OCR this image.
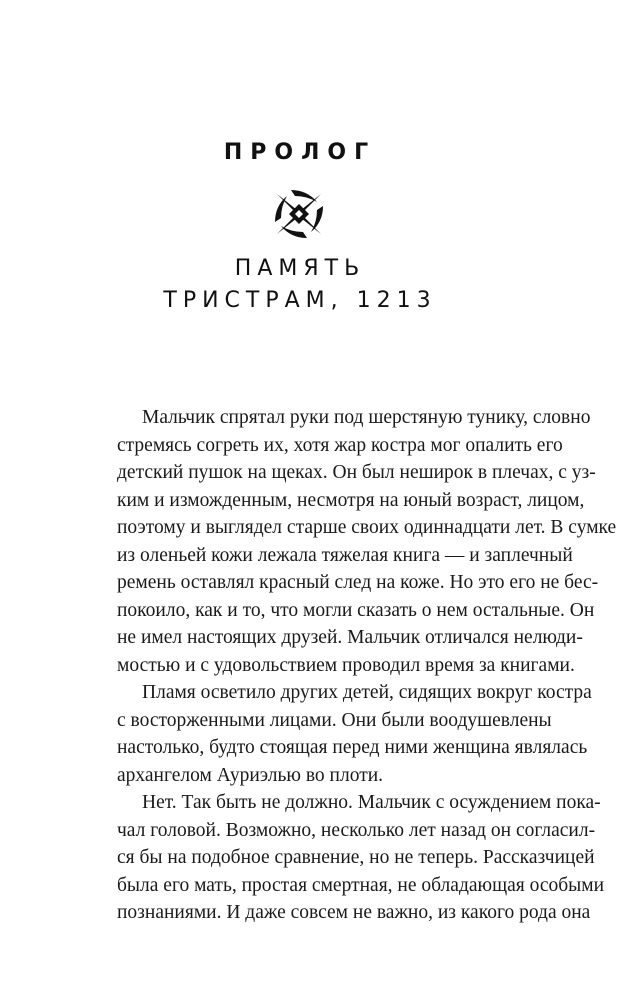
ПРОЛОГ
ПАМЯТЬ
ТРИСТРАМ, 1213
Мальчик спрятал руки под шерстяную тунику, словно
стремясь согреть их, хотя жар костра мог опалить его
детский пушок на щеках. Он был неширок в плечах, с уз-
ким и изможденным, несмотря на юный возраст, лицом,
поэтому и выглядел старше своих одиннадцати лет. В сумке
из оленьей кожи лежала тяжелая книга — и заплечный
ремень оставлял красный след на коже. Но это его не бес-
покоило, как и то, что могли сказать о нем остальные. Он
не имел настоящих друзей. Мальчик отличался нелюди-
мостью и с удовольствием проводил время за книгами.
Пламя осветило других детей, сидящих вокруг костра
с восторженными лицами. Они были воодушевлены
настолько, будто стоящая перед ними женщина являлась
архангелом Ауриэлью во плоти.
Нет. Так быть не должно. Мальчик с осуждением пока-
чал головой. Возможно, несколько лет назад он согласил-
ся бы на подобное сравнение, но не теперь. Рассказчицей
была его мать, простая смертная, не обладающая особыми
познаниями. И даже совсем не важно, из какого рода она
